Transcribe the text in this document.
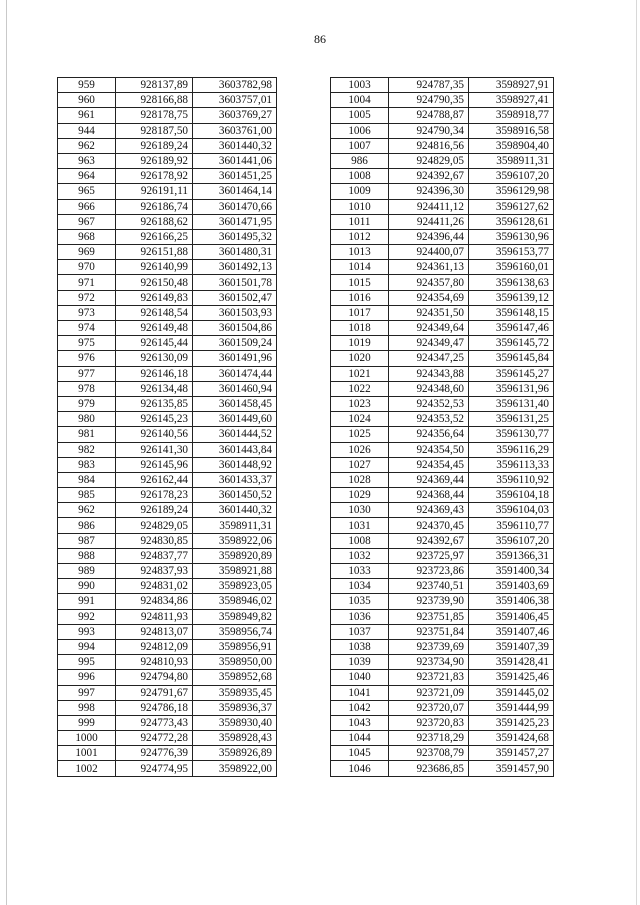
86
959	928137,89	3603782,98
960	928166,88	3603757,01
961	928178,75	3603769,27
944	928187,50	3603761,00
962	926189,24	3601440,32
963	926189,92	3601441,06
964	926178,92	3601451,25
965	926191,11	3601464,14
966	926186,74	3601470,66
967	926188,62	3601471,95
968	926166,25	3601495,32
969	926151,88	3601480,31
970	926140,99	3601492,13
971	926150,48	3601501,78
972	926149,83	3601502,47
973	926148,54	3601503,93
974	926149,48	3601504,86
975	926145,44	3601509,24
976	926130,09	3601491,96
977	926146,18	3601474,44
978	926134,48	3601460,94
979	926135,85	3601458,45
980	926145,23	3601449,60
981	926140,56	3601444,52
982	926141,30	3601443,84
983	926145,96	3601448,92
984	926162,44	3601433,37
985	926178,23	3601450,52
962	926189,24	3601440,32
986	924829,05	3598911,31
987	924830,85	3598922,06
988	924837,77	3598920,89
989	924837,93	3598921,88
990	924831,02	3598923,05
991	924834,86	3598946,02
992	924811,93	3598949,82
993	924813,07	3598956,74
994	924812,09	3598956,91
995	924810,93	3598950,00
996	924794,80	3598952,68
997	924791,67	3598935,45
998	924786,18	3598936,37
999	924773,43	3598930,40
1000	924772,28	3598928,43
1001	924776,39	3598926,89
1002	924774,95	3598922,00
1003	924787,35	3598927,91
1004	924790,35	3598927,41
1005	924788,87	3598918,77
1006	924790,34	3598916,58
1007	924816,56	3598904,40
986	924829,05	3598911,31
1008	924392,67	3596107,20
1009	924396,30	3596129,98
1010	924411,12	3596127,62
1011	924411,26	3596128,61
1012	924396,44	3596130,96
1013	924400,07	3596153,77
1014	924361,13	3596160,01
1015	924357,80	3596138,63
1016	924354,69	3596139,12
1017	924351,50	3596148,15
1018	924349,64	3596147,46
1019	924349,47	3596145,72
1020	924347,25	3596145,84
1021	924343,88	3596145,27
1022	924348,60	3596131,96
1023	924352,53	3596131,40
1024	924353,52	3596131,25
1025	924356,64	3596130,77
1026	924354,50	3596116,29
1027	924354,45	3596113,33
1028	924369,44	3596110,92
1029	924368,44	3596104,18
1030	924369,43	3596104,03
1031	924370,45	3596110,77
1008	924392,67	3596107,20
1032	923725,97	3591366,31
1033	923723,86	3591400,34
1034	923740,51	3591403,69
1035	923739,90	3591406,38
1036	923751,85	3591406,45
1037	923751,84	3591407,46
1038	923739,69	3591407,39
1039	923734,90	3591428,41
1040	923721,83	3591425,46
1041	923721,09	3591445,02
1042	923720,07	3591444,99
1043	923720,83	3591425,23
1044	923718,29	3591424,68
1045	923708,79	3591457,27
1046	923686,85	3591457,90
